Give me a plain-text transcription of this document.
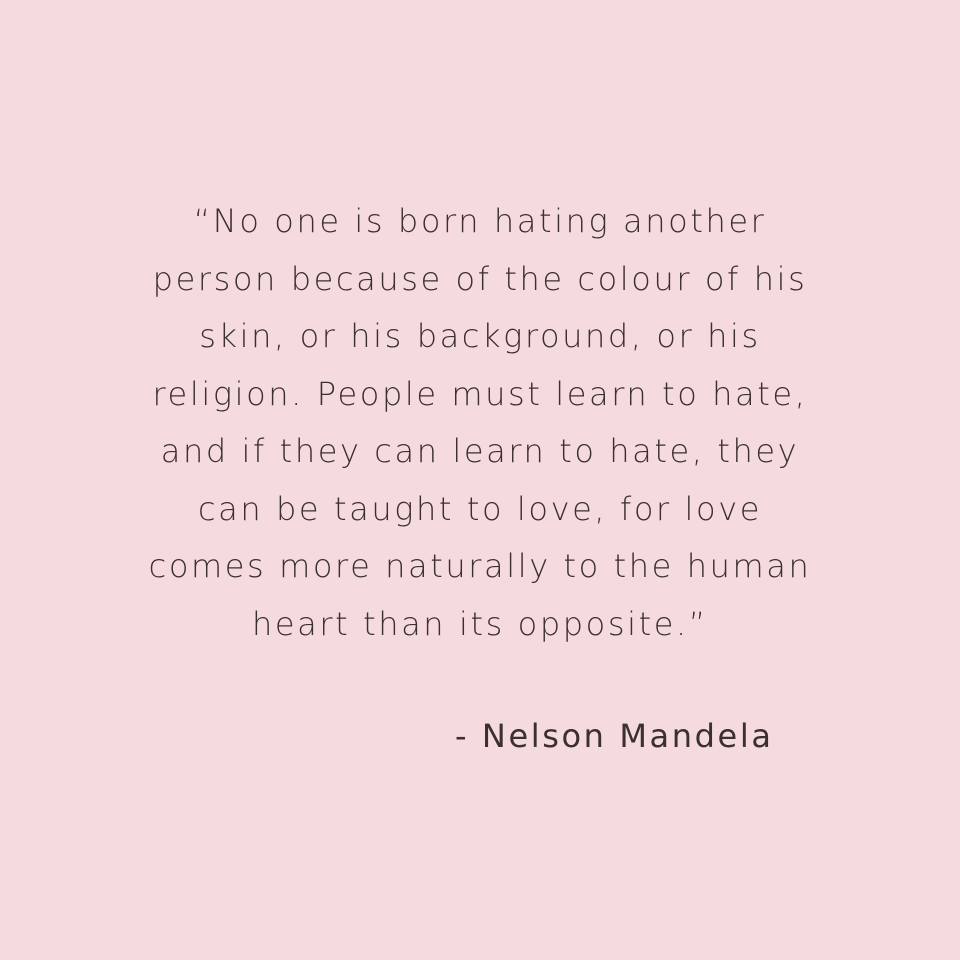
“No one is born hating another
person because of the colour of his
skin, or his background, or his
religion. People must learn to hate,
and if they can learn to hate, they
can be taught to love, for love
comes more naturally to the human
heart than its opposite.”
- Nelson Mandela
